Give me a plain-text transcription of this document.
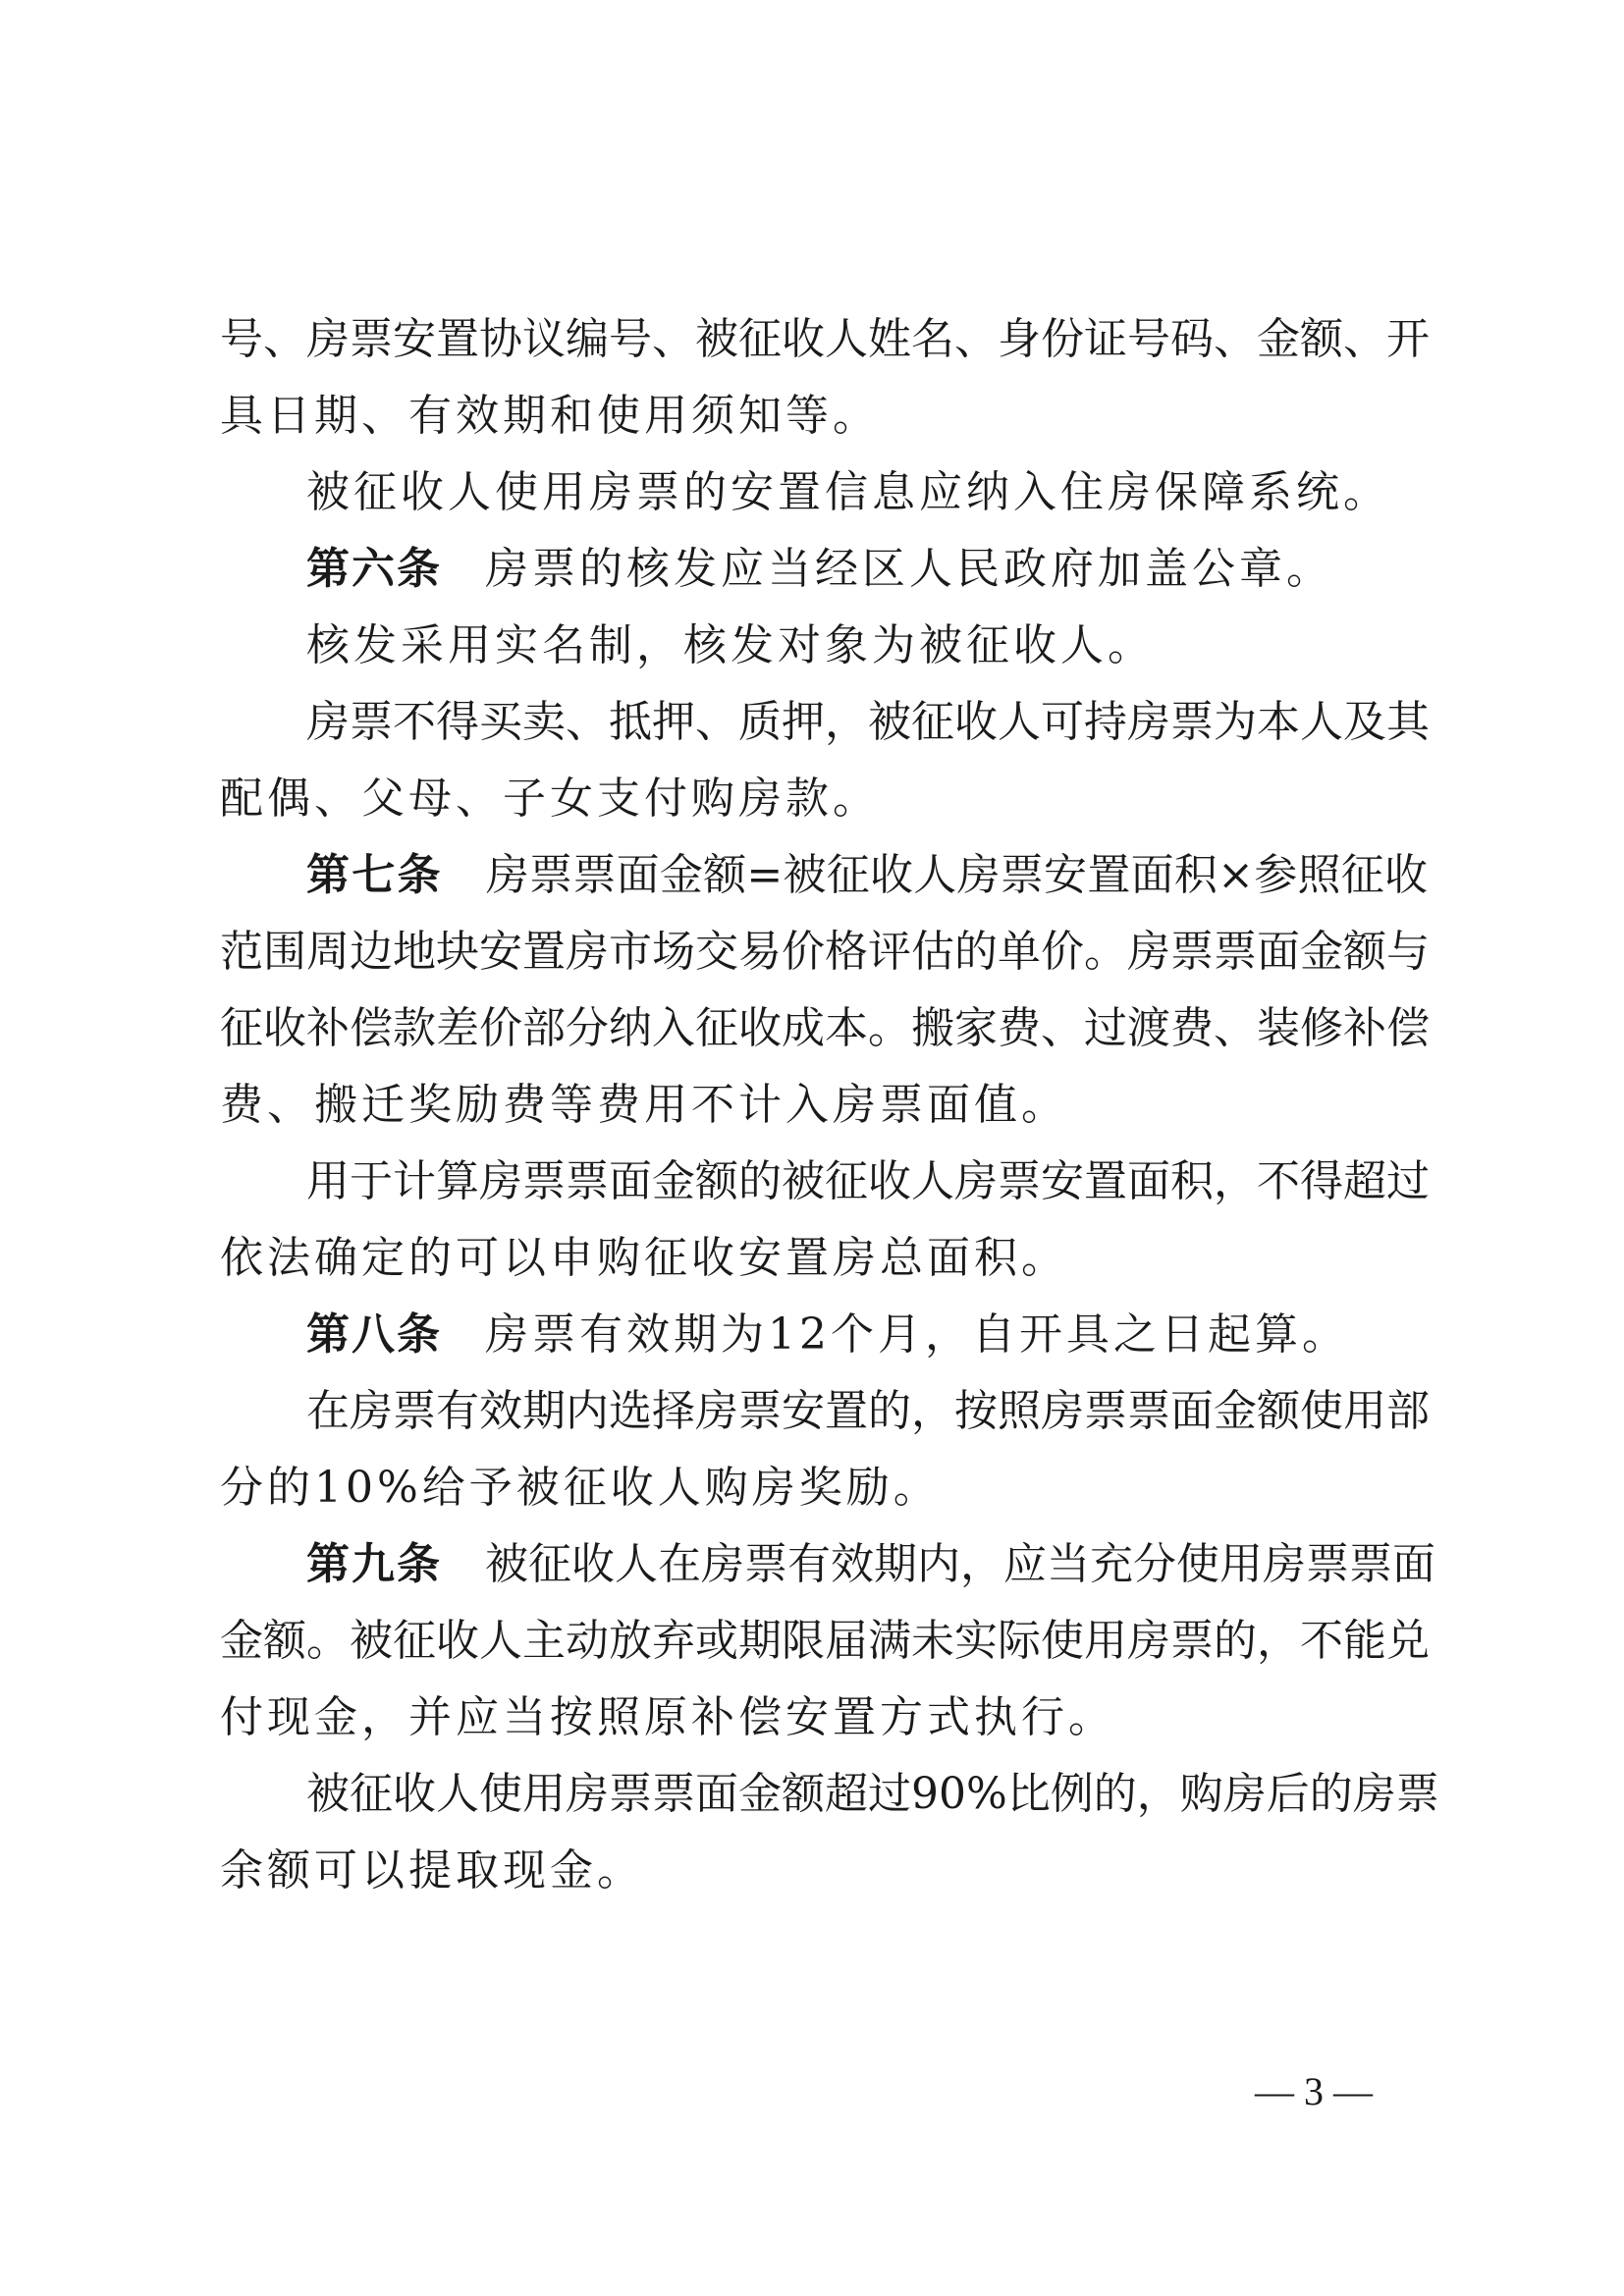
号、房票安置协议编号、被征收人姓名、身份证号码、金额、开
具日期、有效期和使用须知等。
被征收人使用房票的安置信息应纳入住房保障系统。
第六条 房票的核发应当经区人民政府加盖公章。
核发采用实名制，核发对象为被征收人。
房票不得买卖、抵押、质押，被征收人可持房票为本人及其
配偶、父母、子女支付购房款。
第七条 房票票面金额=被征收人房票安置面积×参照征收
范围周边地块安置房市场交易价格评估的单价。房票票面金额与
征收补偿款差价部分纳入征收成本。搬家费、过渡费、装修补偿
费、搬迁奖励费等费用不计入房票面值。
用于计算房票票面金额的被征收人房票安置面积，不得超过
依法确定的可以申购征收安置房总面积。
第八条 房票有效期为12个月，自开具之日起算。
在房票有效期内选择房票安置的，按照房票票面金额使用部
分的10%给予被征收人购房奖励。
第九条 被征收人在房票有效期内，应当充分使用房票票面
金额。被征收人主动放弃或期限届满未实际使用房票的，不能兑
付现金，并应当按照原补偿安置方式执行。
被征收人使用房票票面金额超过90%比例的，购房后的房票
余额可以提取现金。
— 3 —
